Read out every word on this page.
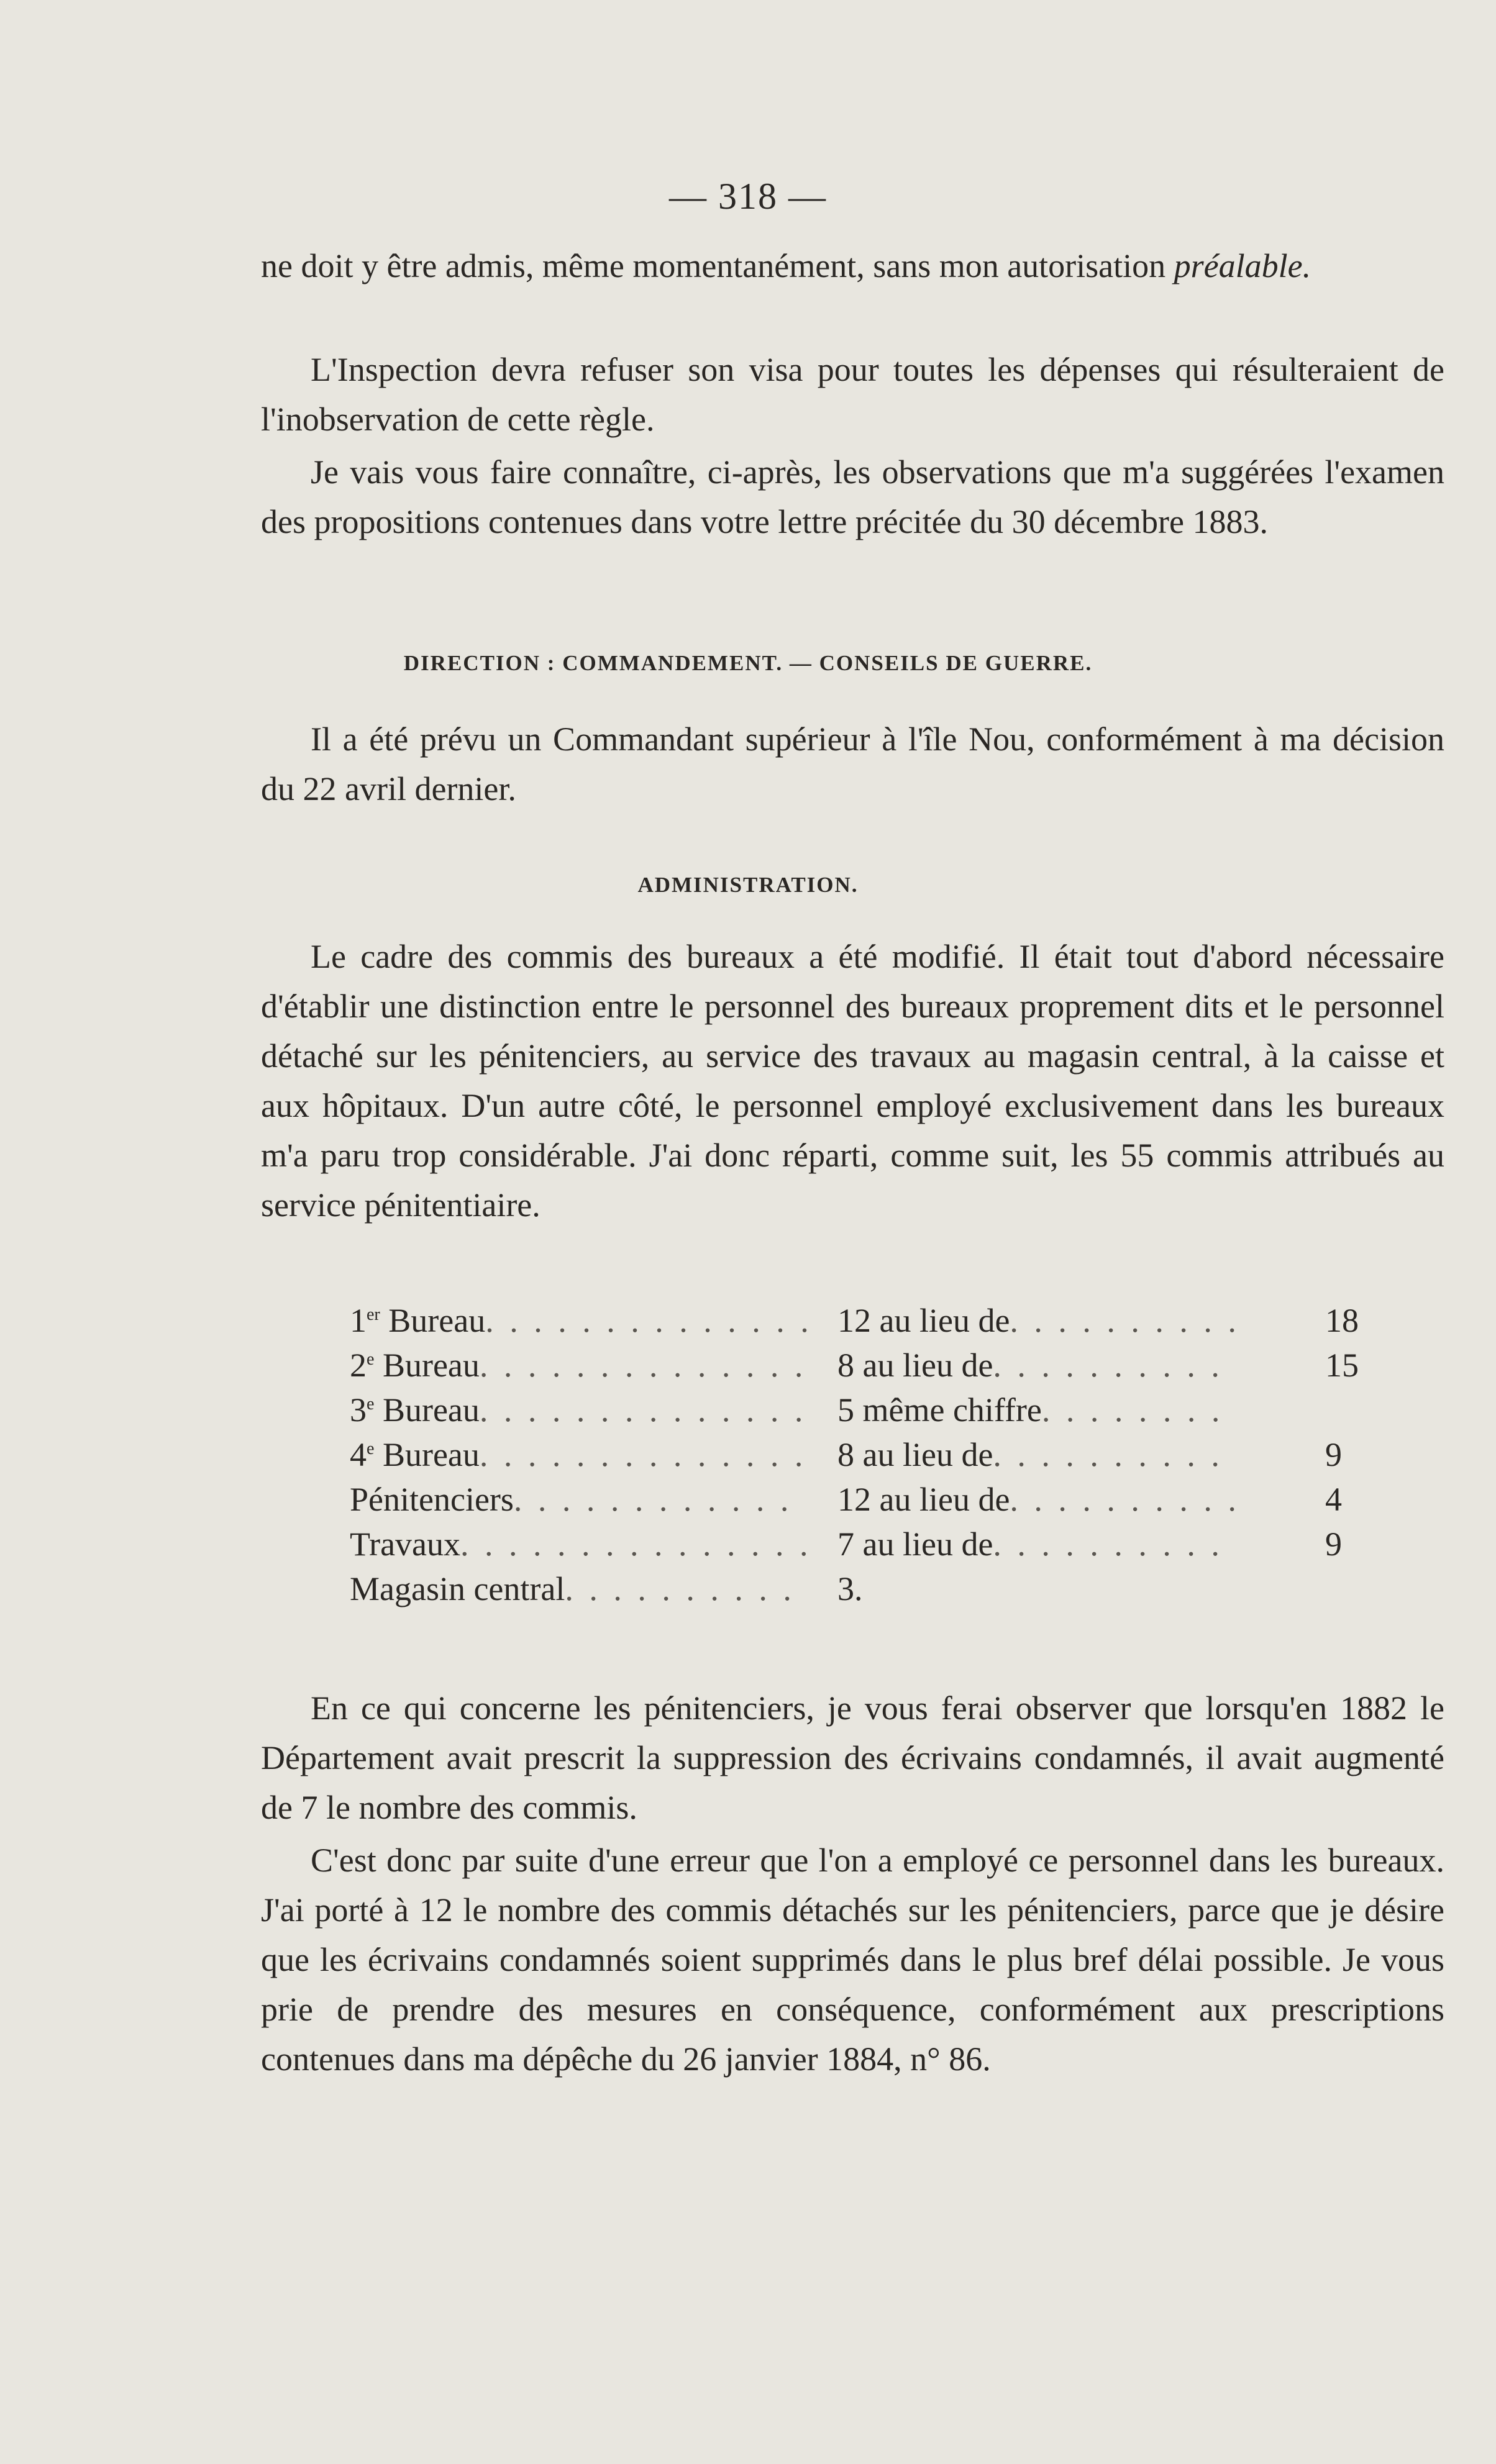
— 318 —

ne doit y être admis, même momentanément, sans mon autorisation préalable.

L'Inspection devra refuser son visa pour toutes les dépenses qui résulteraient de l'inobservation de cette règle.

Je vais vous faire connaître, ci-après, les observations que m'a suggérées l'examen des propositions contenues dans votre lettre précitée du 30 décembre 1883.

DIRECTION : COMMANDEMENT. — CONSEILS DE GUERRE.

Il a été prévu un Commandant supérieur à l'île Nou, conformément à ma décision du 22 avril dernier.

ADMINISTRATION.

Le cadre des commis des bureaux a été modifié. Il était tout d'abord nécessaire d'établir une distinction entre le personnel des bureaux proprement dits et le personnel détaché sur les pénitenciers, au service des travaux au magasin central, à la caisse et aux hôpitaux. D'un autre côté, le personnel employé exclusivement dans les bureaux m'a paru trop considérable. J'ai donc réparti, comme suit, les 55 commis attribués au service pénitentiaire.

1er Bureau. . . . . . . . . . . . . . 12 au lieu de. . . . . . . . . .	18
2e Bureau. . . . . . . . . . . . . . 8 au lieu de. . . . . . . . . .	15
3e Bureau. . . . . . . . . . . . . . 5 même chiffre. . . . . . . .
4e Bureau. . . . . . . . . . . . . . 8 au lieu de. . . . . . . . . .	9
Pénitenciers. . . . . . . . . . . . 12 au lieu de. . . . . . . . . .	4
Travaux. . . . . . . . . . . . . . . 7 au lieu de. . . . . . . . . .	9
Magasin central. . . . . . . . . . 3.

En ce qui concerne les pénitenciers, je vous ferai observer que lorsqu'en 1882 le Département avait prescrit la suppression des écrivains condamnés, il avait augmenté de 7 le nombre des commis.

C'est donc par suite d'une erreur que l'on a employé ce personnel dans les bureaux. J'ai porté à 12 le nombre des commis détachés sur les pénitenciers, parce que je désire que les écrivains condamnés soient supprimés dans le plus bref délai possible. Je vous prie de prendre des mesures en conséquence, conformément aux prescriptions contenues dans ma dépêche du 26 janvier 1884, n° 86.
